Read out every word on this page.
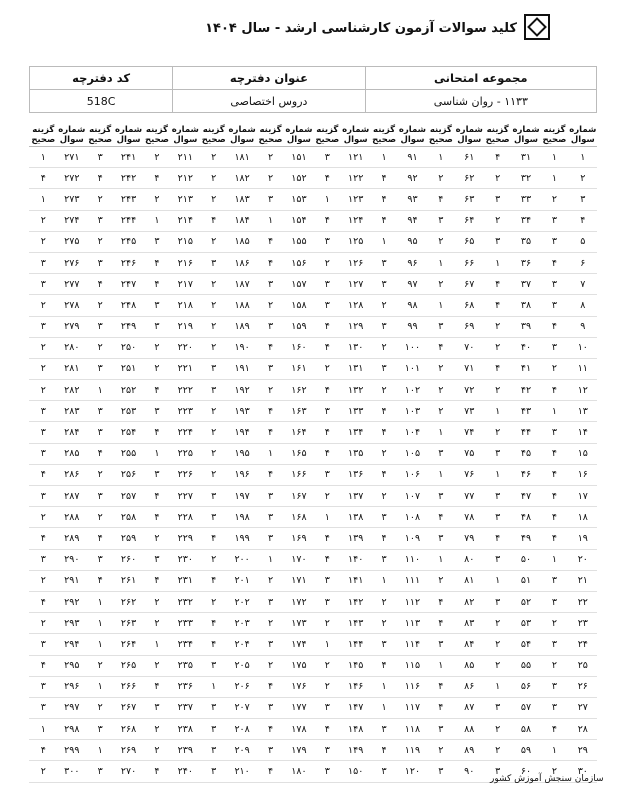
کلید سوالات آزمون کارشناسی ارشد - سال ۱۴۰۴
مجموعه امتحانی	عنوان دفترچه	کد دفترچه
۱۱۳۳ - روان شناسی	دروس اختصاصی	518C
شماره سوال	گزینه صحیح	شماره سوال	گزینه صحیح	شماره سوال	گزینه صحیح	شماره سوال	گزینه صحیح	شماره سوال	گزینه صحیح	شماره سوال	گزینه صحیح	شماره سوال	گزینه صحیح	شماره سوال	گزینه صحیح	شماره سوال	گزینه صحیح	شماره سوال	گزینه صحیح
۱	۱	۳۱	۴	۶۱	۱	۹۱	۱	۱۲۱	۳	۱۵۱	۲	۱۸۱	۲	۲۱۱	۲	۲۴۱	۳	۲۷۱	۱
۲	۱	۳۲	۲	۶۲	۲	۹۲	۴	۱۲۲	۴	۱۵۲	۲	۱۸۲	۲	۲۱۲	۴	۲۴۲	۴	۲۷۲	۴
۳	۲	۳۳	۳	۶۳	۴	۹۳	۴	۱۲۳	۱	۱۵۳	۳	۱۸۳	۲	۲۱۳	۲	۲۴۳	۲	۲۷۳	۱
۴	۳	۳۴	۲	۶۴	۳	۹۴	۴	۱۲۴	۴	۱۵۴	۱	۱۸۴	۴	۲۱۴	۱	۲۴۴	۳	۲۷۴	۲
۵	۳	۳۵	۳	۶۵	۲	۹۵	۱	۱۲۵	۳	۱۵۵	۴	۱۸۵	۲	۲۱۵	۳	۲۴۵	۲	۲۷۵	۲
۶	۴	۳۶	۱	۶۶	۱	۹۶	۳	۱۲۶	۲	۱۵۶	۴	۱۸۶	۳	۲۱۶	۴	۲۴۶	۳	۲۷۶	۳
۷	۳	۳۷	۴	۶۷	۲	۹۷	۳	۱۲۷	۳	۱۵۷	۳	۱۸۷	۲	۲۱۷	۴	۲۴۷	۴	۲۷۷	۳
۸	۳	۳۸	۴	۶۸	۱	۹۸	۲	۱۲۸	۳	۱۵۸	۲	۱۸۸	۲	۲۱۸	۳	۲۴۸	۲	۲۷۸	۲
۹	۴	۳۹	۲	۶۹	۳	۹۹	۳	۱۲۹	۴	۱۵۹	۳	۱۸۹	۲	۲۱۹	۳	۲۴۹	۳	۲۷۹	۳
۱۰	۳	۴۰	۲	۷۰	۴	۱۰۰	۲	۱۳۰	۴	۱۶۰	۴	۱۹۰	۲	۲۲۰	۲	۲۵۰	۲	۲۸۰	۲
۱۱	۲	۴۱	۴	۷۱	۲	۱۰۱	۳	۱۳۱	۲	۱۶۱	۳	۱۹۱	۳	۲۲۱	۲	۲۵۱	۳	۲۸۱	۲
۱۲	۴	۴۲	۲	۷۲	۲	۱۰۲	۲	۱۳۲	۴	۱۶۲	۲	۱۹۲	۳	۲۲۲	۴	۲۵۲	۱	۲۸۲	۲
۱۳	۱	۴۳	۱	۷۳	۲	۱۰۳	۴	۱۳۳	۳	۱۶۳	۴	۱۹۳	۲	۲۲۳	۳	۲۵۳	۳	۲۸۳	۳
۱۴	۳	۴۴	۲	۷۴	۱	۱۰۴	۴	۱۳۴	۴	۱۶۴	۴	۱۹۴	۲	۲۲۴	۴	۲۵۴	۳	۲۸۴	۳
۱۵	۴	۴۵	۳	۷۵	۳	۱۰۵	۲	۱۳۵	۴	۱۶۵	۱	۱۹۵	۲	۲۲۵	۱	۲۵۵	۴	۲۸۵	۳
۱۶	۴	۴۶	۱	۷۶	۱	۱۰۶	۴	۱۳۶	۳	۱۶۶	۴	۱۹۶	۲	۲۲۶	۳	۲۵۶	۲	۲۸۶	۴
۱۷	۴	۴۷	۳	۷۷	۳	۱۰۷	۲	۱۳۷	۲	۱۶۷	۳	۱۹۷	۳	۲۲۷	۴	۲۵۷	۳	۲۸۷	۳
۱۸	۴	۴۸	۳	۷۸	۴	۱۰۸	۳	۱۳۸	۱	۱۶۸	۳	۱۹۸	۳	۲۲۸	۴	۲۵۸	۲	۲۸۸	۲
۱۹	۴	۴۹	۴	۷۹	۳	۱۰۹	۴	۱۳۹	۴	۱۶۹	۳	۱۹۹	۴	۲۲۹	۲	۲۵۹	۴	۲۸۹	۴
۲۰	۱	۵۰	۳	۸۰	۱	۱۱۰	۳	۱۴۰	۴	۱۷۰	۱	۲۰۰	۲	۲۳۰	۳	۲۶۰	۳	۲۹۰	۳
۲۱	۳	۵۱	۱	۸۱	۲	۱۱۱	۱	۱۴۱	۳	۱۷۱	۲	۲۰۱	۴	۲۳۱	۴	۲۶۱	۴	۲۹۱	۲
۲۲	۳	۵۲	۳	۸۲	۴	۱۱۲	۲	۱۴۲	۳	۱۷۲	۳	۲۰۲	۲	۲۳۲	۲	۲۶۲	۱	۲۹۲	۴
۲۳	۲	۵۳	۲	۸۳	۴	۱۱۳	۲	۱۴۳	۲	۱۷۳	۲	۲۰۳	۴	۲۳۳	۲	۲۶۳	۱	۲۹۳	۲
۲۴	۳	۵۴	۲	۸۴	۳	۱۱۴	۳	۱۴۴	۱	۱۷۴	۳	۲۰۴	۴	۲۳۴	۱	۲۶۴	۱	۲۹۴	۳
۲۵	۲	۵۵	۲	۸۵	۱	۱۱۵	۴	۱۴۵	۲	۱۷۵	۲	۲۰۵	۳	۲۳۵	۲	۲۶۵	۲	۲۹۵	۴
۲۶	۳	۵۶	۱	۸۶	۴	۱۱۶	۱	۱۴۶	۲	۱۷۶	۴	۲۰۶	۱	۲۳۶	۴	۲۶۶	۱	۲۹۶	۳
۲۷	۳	۵۷	۳	۸۷	۴	۱۱۷	۱	۱۴۷	۳	۱۷۷	۳	۲۰۷	۳	۲۳۷	۳	۲۶۷	۲	۲۹۷	۳
۲۸	۴	۵۸	۲	۸۸	۳	۱۱۸	۳	۱۴۸	۴	۱۷۸	۴	۲۰۸	۳	۲۳۸	۲	۲۶۸	۳	۲۹۸	۱
۲۹	۱	۵۹	۲	۸۹	۲	۱۱۹	۴	۱۴۹	۳	۱۷۹	۳	۲۰۹	۳	۲۳۹	۲	۲۶۹	۱	۲۹۹	۴
۳۰	۲	۶۰	۳	۹۰	۳	۱۲۰	۳	۱۵۰	۳	۱۸۰	۴	۲۱۰	۳	۲۴۰	۴	۲۷۰	۳	۳۰۰	۲
سازمان سنجش آموزش کشور
